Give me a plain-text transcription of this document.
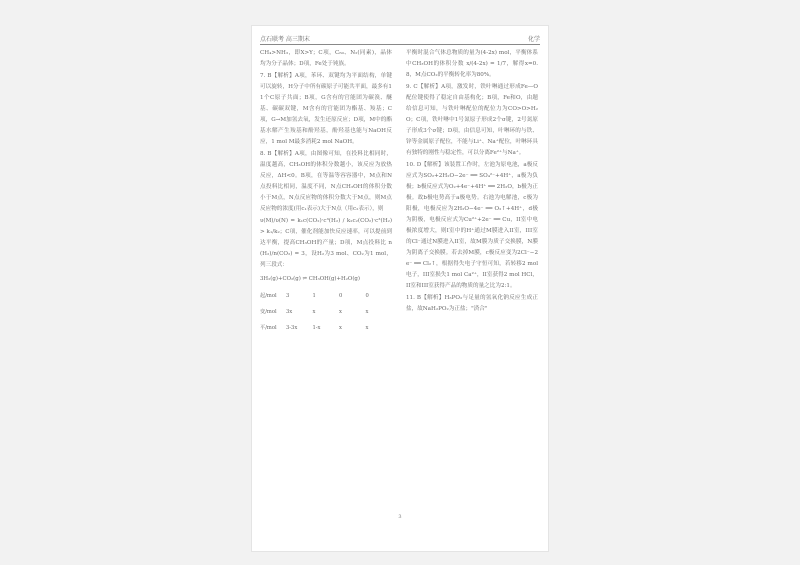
点石联考 高三期末	化学

CH₄>NH₃，即X>Y；C项，C₆₀、N₂(同素)，晶体均为分子晶体；D项，Fe处于钝族。

7. B【解析】A项，苯环、双键均为平面结构，单键可以旋转，H分子中所有碳原子可能共平面，最多有11个C原子共面；B项，G含有的官能团为碳溴、醚基、碳碳双键，M含有的官能团为酯基、羧基；C项，G→M加氢去氧，发生还原反应；D项，M中的酯基水解产生羧基和酚羟基，酚羟基也能与NaOH反应，1 mol M最多消耗2 mol NaOH。

8. B【解析】A项，由图像可知，在投料比相同时，温度越高，CH₃OH的体积分数越小，该反应为放热反应，ΔH<0。B项，在等温等容容器中，M点和N点投料比相同，温度不同，N点CH₃OH的体积分数小于M点，N点反应物的体积分数大于M点，则M点反应物的浓度(用c₁表示)大于N点（用c₂表示），则

υ(M)/υ(N) = k₁c(CO₂)·c³(H₂) / k₂c₂(CO₂)·c³(H₂) > k₁/k₂；C项，催化剂能加快反应速率，可以提前到达平衡，提高CH₃OH的产量；D项，M点投料比 n(H₂)/n(CO₂) = 3，设H₂为3 mol、CO₂为1 mol，列三段式：

3H₂(g)+CO₂(g) ⇌ CH₃OH(g)+H₂O(g)
起/mol	3	1	0	0
变/mol	3x	x	x	x
平/mol	3-3x	1-x	x	x

平衡时混合气体总物质的量为(4-2x) mol，平衡体系中CH₃OH的体积分数 x/(4-2x) = 1/7，解得x=0.8，M点CO₂的平衡转化率为80%。

9. C【解析】A项，激发时，铁叶啉通过形成Fe—O配位键使得了稳定自由基构化；B项，Fe和O，由题给信息可知，与铁叶啉配位的配位力为CO>O>H₂O；C项，铁叶啉中1号氮原子形成2个σ键，2号氮原子形成3个σ键；D项，由信息可知，叶啉环的与铁、锌等金属原子配位，不能与Li⁺、Na⁺配位，叶啉环具有独特的刚性与稳定性，可以分离Fe²⁺与Na⁺。

10. D【解析】该装置工作时，左池为原电池，a极反应式为SO₂+2H₂O−2e⁻ ══ SO₄²⁻+4H⁺，a极为负极；b极反应式为O₂+4e⁻+4H⁺ ══ 2H₂O，b极为正极。故b极电势高于a极电势。右池为电解池，c极为阳极，电极反应为2H₂O−4e⁻ ══ O₂↑+4H⁺，d极为阴极，电极反应式为Cu²⁺+2e⁻ ══ Cu，II室中电极浓度增大，则I室中的H⁺通过M膜进入II室，III室的Cl⁻通过N膜进入II室，故M膜为质子交换膜，N膜为阴离子交换膜。若去掉M膜，c极反应变为2Cl⁻−2e⁻ ══ Cl₂↑，根据得失电子守恒可知，若转移2 mol电子，III室损失1 mol Ca²⁺，II室获得2 mol HCl，II室和III室获得产品的物质的量之比为2:1。

11. B【解析】H₃PO₂与足量的氢氧化钠反应生成正盐，故NaH₂PO₂为正盐；"済合"

3
